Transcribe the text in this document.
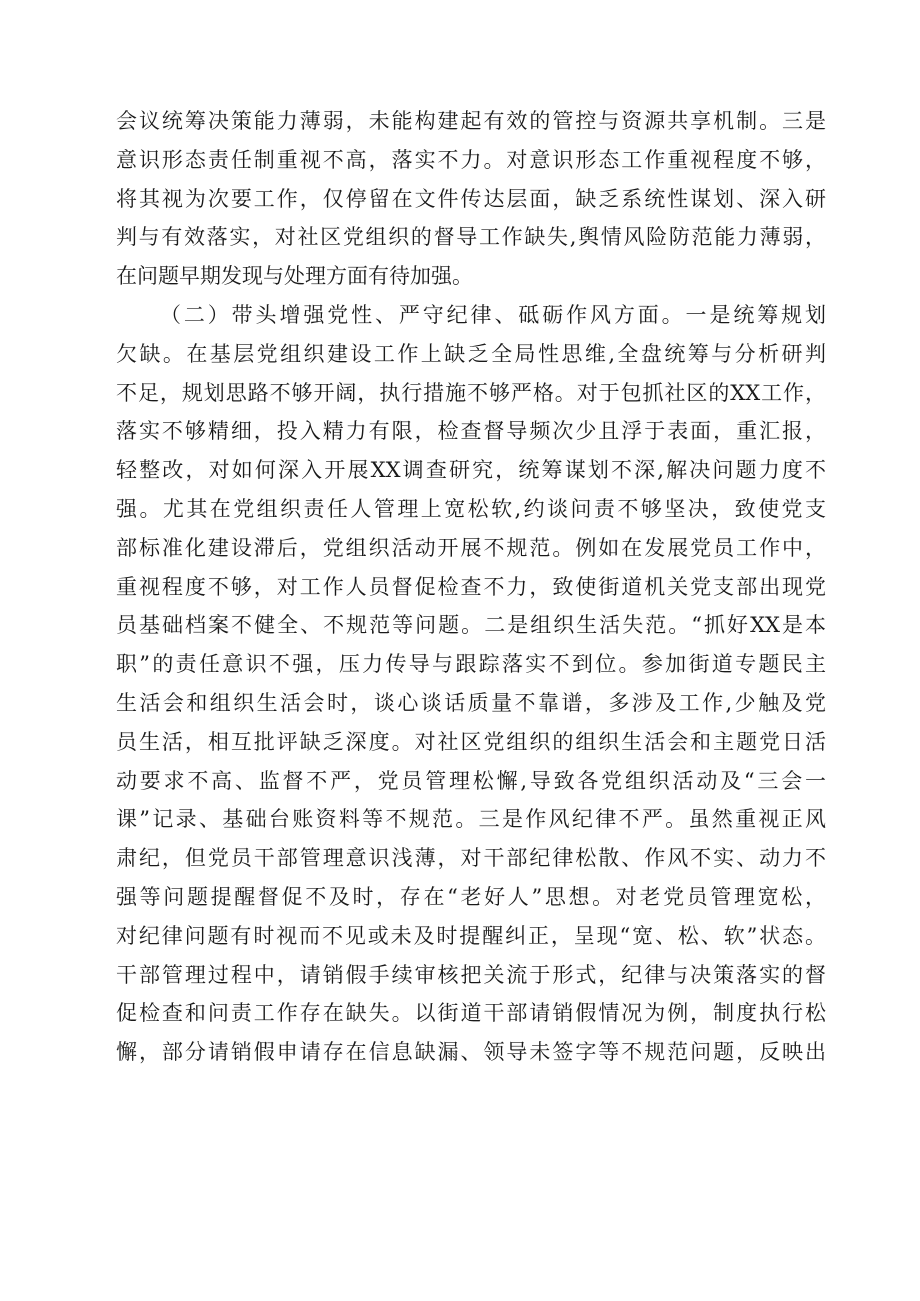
会议统筹决策能力薄弱，未能构建起有效的管控与资源共享机制。三是
意识形态责任制重视不高，落实不力。对意识形态工作重视程度不够，
将其视为次要工作，仅停留在文件传达层面，缺乏系统性谋划、深入研
判与有效落实，对社区党组织的督导工作缺失,舆情风险防范能力薄弱，
在问题早期发现与处理方面有待加强。
（二）带头增强党性、严守纪律、砥砺作风方面。一是统筹规划
欠缺。在基层党组织建设工作上缺乏全局性思维,全盘统筹与分析研判
不足，规划思路不够开阔，执行措施不够严格。对于包抓社区的XX工作，
落实不够精细，投入精力有限，检查督导频次少且浮于表面，重汇报，
轻整改，对如何深入开展XX调查研究，统筹谋划不深,解决问题力度不
强。尤其在党组织责任人管理上宽松软,约谈问责不够坚决，致使党支
部标准化建设滞后，党组织活动开展不规范。例如在发展党员工作中，
重视程度不够，对工作人员督促检查不力，致使街道机关党支部出现党
员基础档案不健全、不规范等问题。二是组织生活失范。“抓好XX是本
职”的责任意识不强，压力传导与跟踪落实不到位。参加街道专题民主
生活会和组织生活会时，谈心谈话质量不靠谱，多涉及工作,少触及党
员生活，相互批评缺乏深度。对社区党组织的组织生活会和主题党日活
动要求不高、监督不严，党员管理松懈,导致各党组织活动及“三会一
课”记录、基础台账资料等不规范。三是作风纪律不严。虽然重视正风
肃纪，但党员干部管理意识浅薄，对干部纪律松散、作风不实、动力不
强等问题提醒督促不及时，存在“老好人”思想。对老党员管理宽松，
对纪律问题有时视而不见或未及时提醒纠正，呈现“宽、松、软”状态。
干部管理过程中，请销假手续审核把关流于形式，纪律与决策落实的督
促检查和问责工作存在缺失。以街道干部请销假情况为例，制度执行松
懈，部分请销假申请存在信息缺漏、领导未签字等不规范问题，反映出
